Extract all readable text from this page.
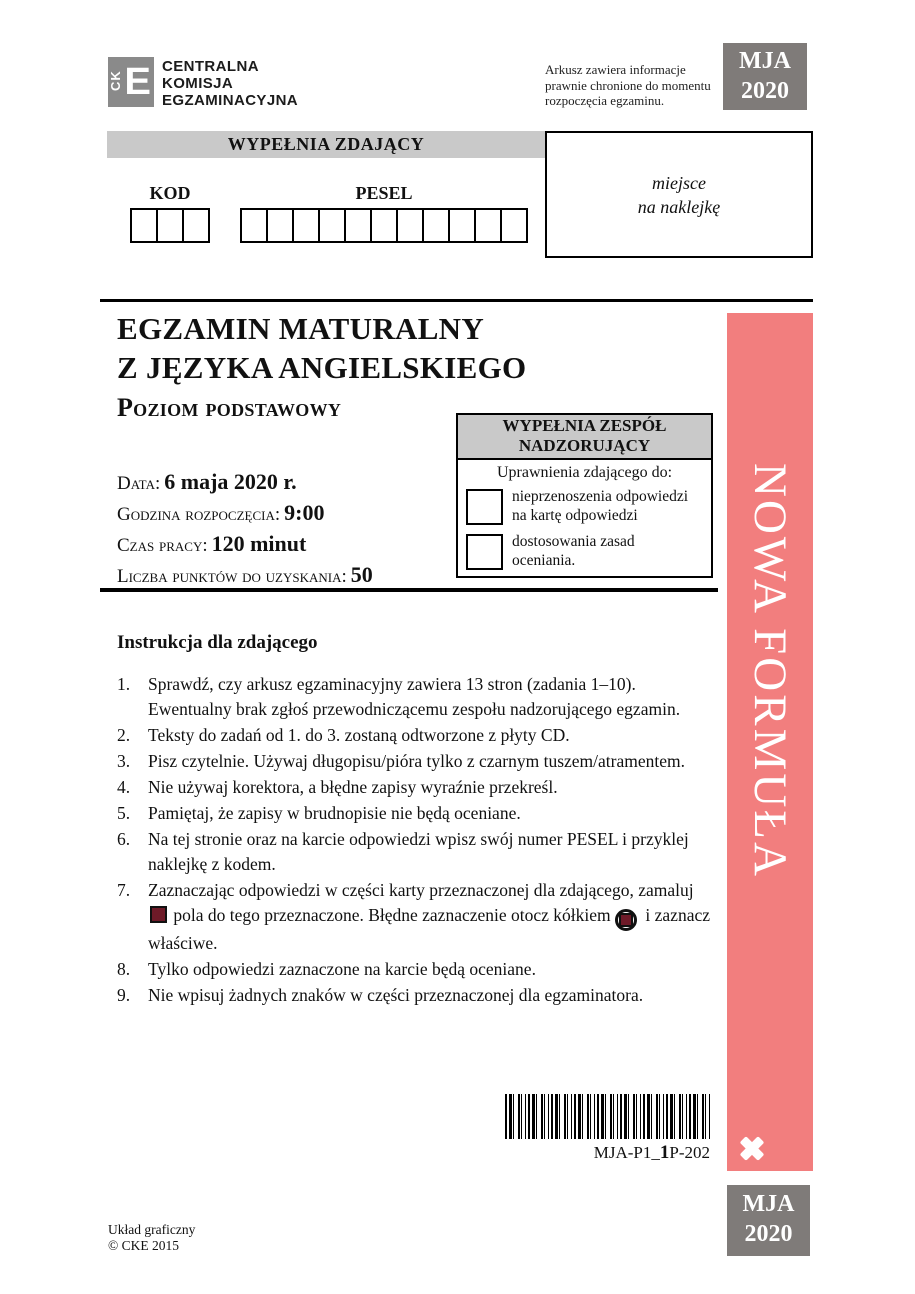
CK E CENTRALNA
KOMISJA
EGZAMINACYJNA
Arkusz zawiera informacje
prawnie chronione do momentu
rozpoczęcia egzaminu.
MJA
2020
WYPEŁNIA ZDAJĄCY
KOD	PESEL
miejsce
na naklejkę
EGZAMIN MATURALNY
Z JĘZYKA ANGIELSKIEGO
Poziom podstawowy
WYPEŁNIA ZESPÓŁ
NADZORUJĄCY
Uprawnienia zdającego do:
nieprzenoszenia odpowiedzi
na kartę odpowiedzi
dostosowania zasad
oceniania.
Data: 6 maja 2020 r.
Godzina rozpoczęcia: 9:00
Czas pracy: 120 minut
Liczba punktów do uzyskania: 50
Instrukcja dla zdającego
Sprawdź, czy arkusz egzaminacyjny zawiera 13 stron (zadania 1–10). Ewentualny brak zgłoś przewodniczącemu zespołu nadzorującego egzamin.
Teksty do zadań od 1. do 3. zostaną odtworzone z płyty CD.
Pisz czytelnie. Używaj długopisu/pióra tylko z czarnym tuszem/atramentem.
Nie używaj korektora, a błędne zapisy wyraźnie przekreśl.
Pamiętaj, że zapisy w brudnopisie nie będą oceniane.
Na tej stronie oraz na karcie odpowiedzi wpisz swój numer PESEL i przyklej naklejkę z kodem.
Zaznaczając odpowiedzi w części karty przeznaczonej dla zdającego, zamaluj  pola do tego przeznaczone. Błędne zaznaczenie otocz kółkiem
i zaznacz właściwe.
Tylko odpowiedzi zaznaczone na karcie będą oceniane.
Nie wpisuj żadnych znaków w części przeznaczonej dla egzaminatora.
MJA-P1_1P-202
NOWA FORMUŁA
MJA
2020
Układ graficzny
© CKE 2015
